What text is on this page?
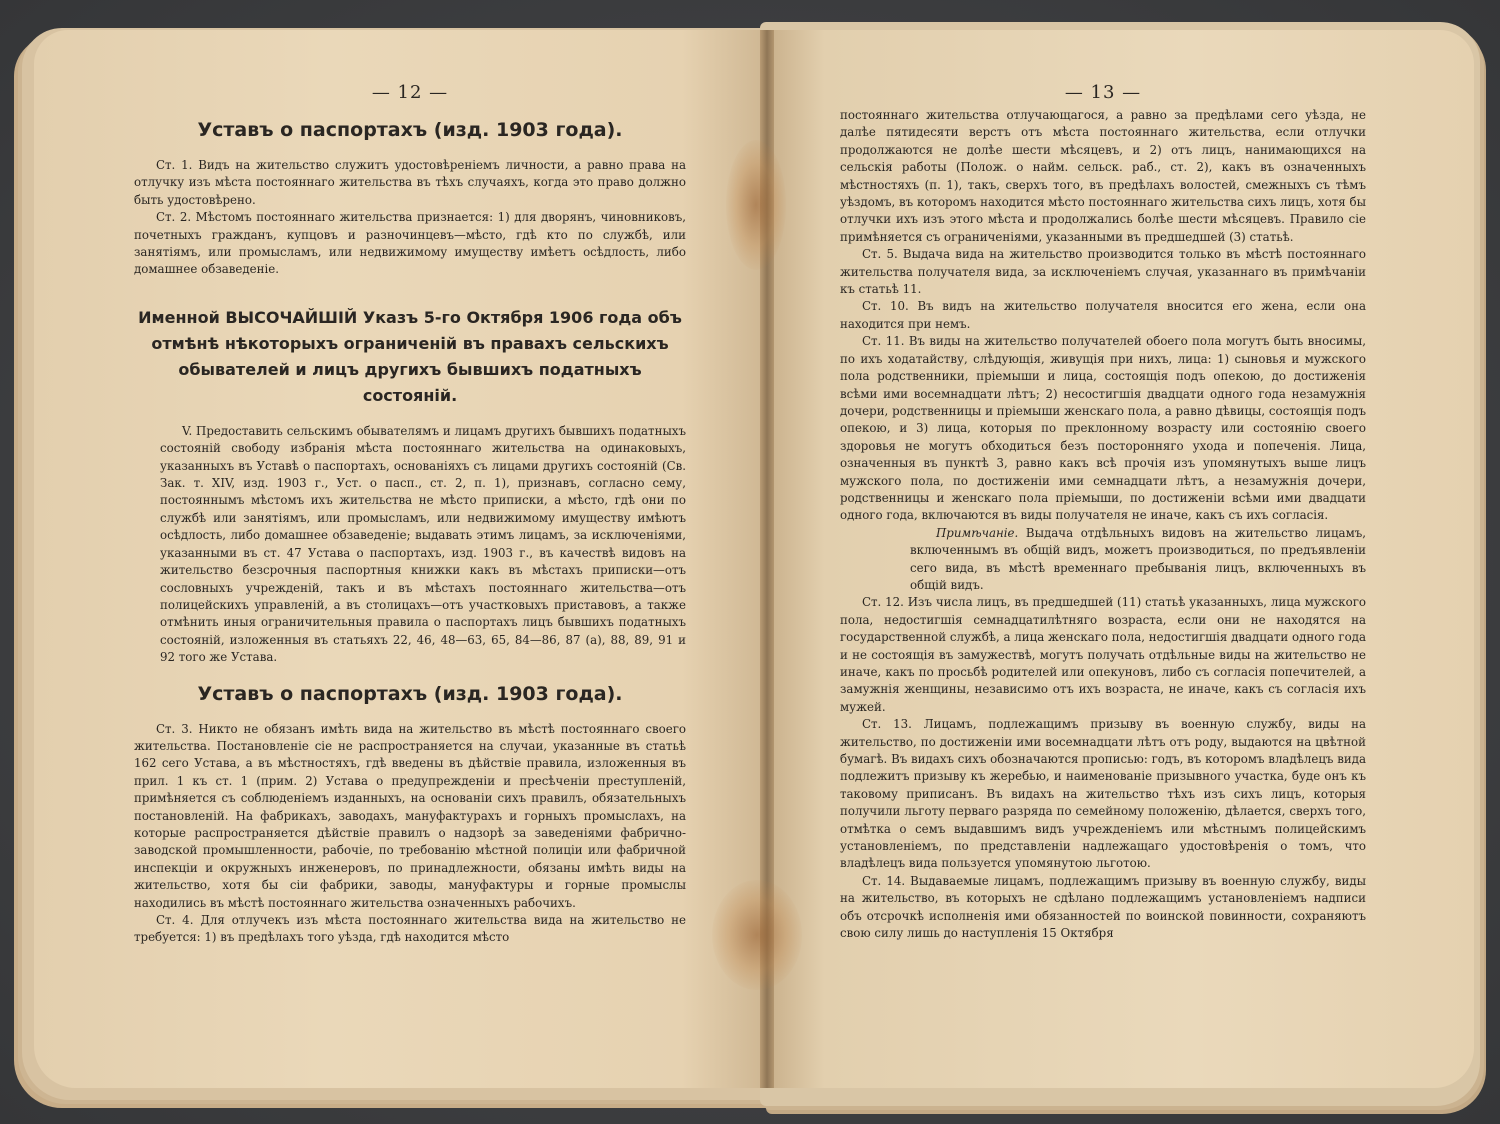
— 12 —
Уставъ о паспортахъ (изд. 1903 года).

Ст. 1. Видъ на жительство служитъ удостовѣреніемъ личности, а равно права на отлучку изъ мѣста постояннаго жительства въ тѣхъ случаяхъ, когда это право должно быть удостовѣрено.

Ст. 2. Мѣстомъ постояннаго жительства признается: 1) для дворянъ, чиновниковъ, почетныхъ гражданъ, купцовъ и разночинцевъ—мѣсто, гдѣ кто по службѣ, или занятіямъ, или промысламъ, или недвижимому имуществу имѣетъ осѣдлость, либо домашнее обзаведеніе.

Именной ВЫСОЧАЙШІЙ Указъ 5-го Октября 1906 года объ отмѣнѣ нѣкоторыхъ ограниченій въ правахъ сельскихъ обывателей и лицъ другихъ бывшихъ податныхъ состояній.

V. Предоставить сельскимъ обывателямъ и лицамъ другихъ бывшихъ податныхъ состояній свободу избранія мѣста постояннаго жительства на одинаковыхъ, указанныхъ въ Уставѣ о паспортахъ, основаніяхъ съ лицами другихъ состояній (Св. Зак. т. XIV, изд. 1903 г., Уст. о пасп., ст. 2, п. 1), признавъ, согласно сему, постояннымъ мѣстомъ ихъ жительства не мѣсто приписки, а мѣсто, гдѣ они по службѣ или занятіямъ, или промысламъ, или недвижимому имуществу имѣютъ осѣдлость, либо домашнее обзаведеніе; выдавать этимъ лицамъ, за исключеніями, указанными въ ст. 47 Устава о паспортахъ, изд. 1903 г., въ качествѣ видовъ на жительство безсрочныя паспортныя книжки какъ въ мѣстахъ приписки—отъ сословныхъ учрежденій, такъ и въ мѣстахъ постояннаго жительства—отъ полицейскихъ управленій, а въ столицахъ—отъ участковыхъ приставовъ, а также отмѣнить иныя ограничительныя правила о паспортахъ лицъ бывшихъ податныхъ состояній, изложенныя въ статьяхъ 22, 46, 48—63, 65, 84—86, 87 (а), 88, 89, 91 и 92 того же Устава.

Уставъ о паспортахъ (изд. 1903 года).

Ст. 3. Никто не обязанъ имѣть вида на жительство въ мѣстѣ постояннаго своего жительства. Постановленіе сіе не распространяется на случаи, указанные въ статьѣ 162 сего Устава, а въ мѣстностяхъ, гдѣ введены въ дѣйствіе правила, изложенныя въ прил. 1 къ ст. 1 (прим. 2) Устава о предупрежденіи и пресѣченіи преступленій, примѣняется съ соблюденіемъ изданныхъ, на основаніи сихъ правилъ, обязательныхъ постановленій. На фабрикахъ, заводахъ, мануфактурахъ и горныхъ промыслахъ, на которые распространяется дѣйствіе правилъ о надзорѣ за заведеніями фабрично-заводской промышленности, рабочіе, по требованію мѣстной полиціи или фабричной инспекціи и окружныхъ инженеровъ, по принадлежности, обязаны имѣть виды на жительство, хотя бы сіи фабрики, заводы, мануфактуры и горные промыслы находились въ мѣстѣ постояннаго жительства означенныхъ рабочихъ.

Ст. 4. Для отлучекъ изъ мѣста постояннаго жительства вида на жительство не требуется: 1) въ предѣлахъ того уѣзда, гдѣ находится мѣсто

— 13 —

постояннаго жительства отлучающагося, а равно за предѣлами сего уѣзда, не далѣе пятидесяти верстъ отъ мѣста постояннаго жительства, если отлучки продолжаются не долѣе шести мѣсяцевъ, и 2) отъ лицъ, нанимающихся на сельскія работы (Полож. о найм. сельск. раб., ст. 2), какъ въ означенныхъ мѣстностяхъ (п. 1), такъ, сверхъ того, въ предѣлахъ волостей, смежныхъ съ тѣмъ уѣздомъ, въ которомъ находится мѣсто постояннаго жительства сихъ лицъ, хотя бы отлучки ихъ изъ этого мѣста и продолжались болѣе шести мѣсяцевъ. Правило сіе примѣняется съ ограниченіями, указанными въ предшедшей (3) статьѣ.

Ст. 5. Выдача вида на жительство производится только въ мѣстѣ постояннаго жительства получателя вида, за исключеніемъ случая, указаннаго въ примѣчаніи къ статьѣ 11.

Ст. 10. Въ видъ на жительство получателя вносится его жена, если она находится при немъ.

Ст. 11. Въ виды на жительство получателей обоего пола могутъ быть вносимы, по ихъ ходатайству, слѣдующія, живущія при нихъ, лица: 1) сыновья и мужского пола родственники, пріемыши и лица, состоящія подъ опекою, до достиженія всѣми ими восемнадцати лѣтъ; 2) несостигшія двадцати одного года незамужнія дочери, родственницы и пріемыши женскаго пола, а равно дѣвицы, состоящія подъ опекою, и 3) лица, которыя по преклонному возрасту или состоянію своего здоровья не могутъ обходиться безъ посторонняго ухода и попеченія. Лица, означенныя въ пунктѣ 3, равно какъ всѣ прочія изъ упомянутыхъ выше лицъ мужского пола, по достиженіи ими семнадцати лѣтъ, а незамужнія дочери, родственницы и женскаго пола пріемыши, по достиженіи всѣми ими двадцати одного года, включаются въ виды получателя не иначе, какъ съ ихъ согласія.

Примѣчаніе. Выдача отдѣльныхъ видовъ на жительство лицамъ, включеннымъ въ общій видъ, можетъ производиться, по предъявленіи сего вида, въ мѣстѣ временнаго пребыванія лицъ, включенныхъ въ общій видъ.

Ст. 12. Изъ числа лицъ, въ предшедшей (11) статьѣ указанныхъ, лица мужского пола, недостигшія семнадцатилѣтняго возраста, если они не находятся на государственной службѣ, а лица женскаго пола, недостигшія двадцати одного года и не состоящія въ замужествѣ, могутъ получать отдѣльные виды на жительство не иначе, какъ по просьбѣ родителей или опекуновъ, либо съ согласія попечителей, а замужнія женщины, независимо отъ ихъ возраста, не иначе, какъ съ согласія ихъ мужей.

Ст. 13. Лицамъ, подлежащимъ призыву въ военную службу, виды на жительство, по достиженіи ими восемнадцати лѣтъ отъ роду, выдаются на цвѣтной бумагѣ. Въ видахъ сихъ обозначаются прописью: годъ, въ которомъ владѣлецъ вида подлежитъ призыву къ жеребью, и наименованіе призывного участка, буде онъ къ таковому приписанъ. Въ видахъ на жительство тѣхъ изъ сихъ лицъ, которыя получили льготу перваго разряда по семейному положенію, дѣлается, сверхъ того, отмѣтка о семъ выдавшимъ видъ учрежденіемъ или мѣстнымъ полицейскимъ установленіемъ, по представленіи надлежащаго удостовѣренія о томъ, что владѣлецъ вида пользуется упомянутою льготою.

Ст. 14. Выдаваемые лицамъ, подлежащимъ призыву въ военную службу, виды на жительство, въ которыхъ не сдѣлано подлежащимъ установленіемъ надписи объ отсрочкѣ исполненія ими обязанностей по воинской повинности, сохраняютъ свою силу лишь до наступленія 15 Октября
